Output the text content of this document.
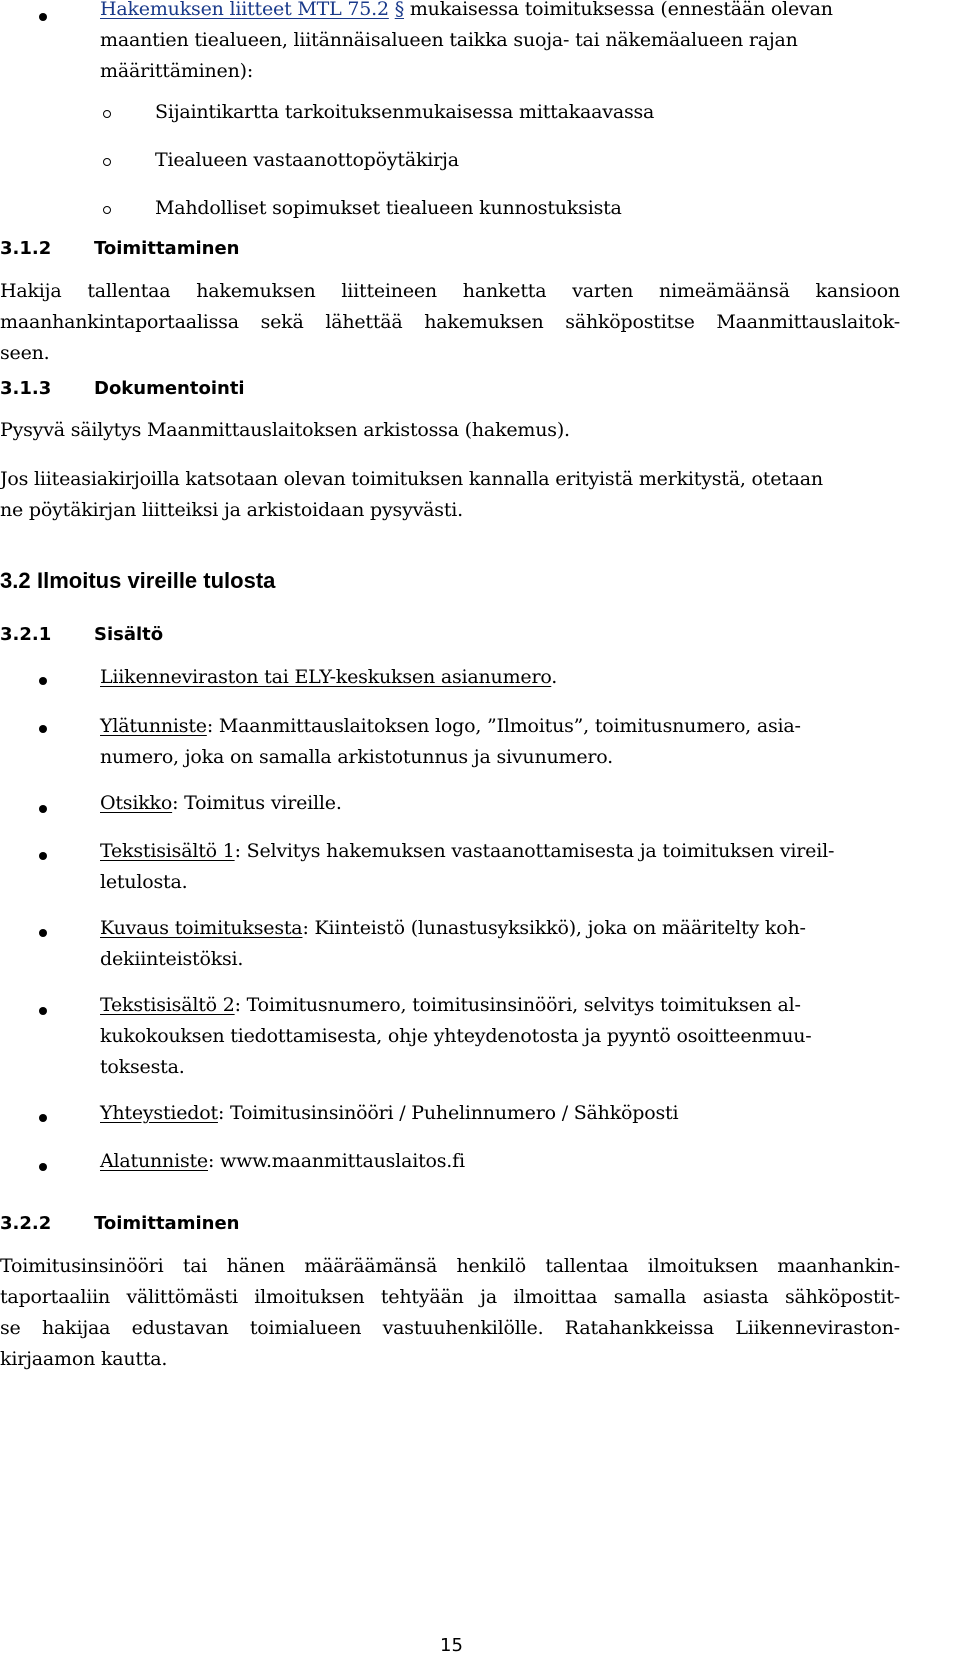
Hakemuksen liitteet MTL 75.2 § mukaisessa toimituksessa (ennestään olevan
maantien tiealueen, liitännäisalueen taikka suoja- tai näkemäalueen rajan
määrittäminen):
Sijaintikartta tarkoituksenmukaisessa mittakaavassa
Tiealueen vastaanottopöytäkirja
Mahdolliset sopimukset tiealueen kunnostuksista
3.1.2 Toimittaminen
Hakija tallentaa hakemuksen liitteineen hanketta varten nimeämäänsä kansioon
maanhankintaportaalissa sekä lähettää hakemuksen sähköpostitse Maanmittauslaitok-
seen.
3.1.3 Dokumentointi
Pysyvä säilytys Maanmittauslaitoksen arkistossa (hakemus).
Jos liiteasiakirjoilla katsotaan olevan toimituksen kannalla erityistä merkitystä, otetaan
ne pöytäkirjan liitteiksi ja arkistoidaan pysyvästi.
3.2 Ilmoitus vireille tulosta
3.2.1 Sisältö
Liikenneviraston tai ELY-keskuksen asianumero.
Ylätunniste: Maanmittauslaitoksen logo, ”Ilmoitus”, toimitusnumero, asia-
numero, joka on samalla arkistotunnus ja sivunumero.
Otsikko: Toimitus vireille.
Tekstisisältö 1: Selvitys hakemuksen vastaanottamisesta ja toimituksen vireil-
letulosta.
Kuvaus toimituksesta: Kiinteistö (lunastusyksikkö), joka on määritelty koh-
dekiinteistöksi.
Tekstisisältö 2: Toimitusnumero, toimitusinsinööri, selvitys toimituksen al-
kukokouksen tiedottamisesta, ohje yhteydenotosta ja pyyntö osoitteenmuu-
toksesta.
Yhteystiedot: Toimitusinsinööri / Puhelinnumero / Sähköposti
Alatunniste: www.maanmittauslaitos.fi
3.2.2 Toimittaminen
Toimitusinsinööri tai hänen määräämänsä henkilö tallentaa ilmoituksen maanhankin-
taportaaliin välittömästi ilmoituksen tehtyään ja ilmoittaa samalla asiasta sähköpostit-
se hakijaa edustavan toimialueen vastuuhenkilölle. Ratahankkeissa Liikenneviraston-
kirjaamon kautta.
15
